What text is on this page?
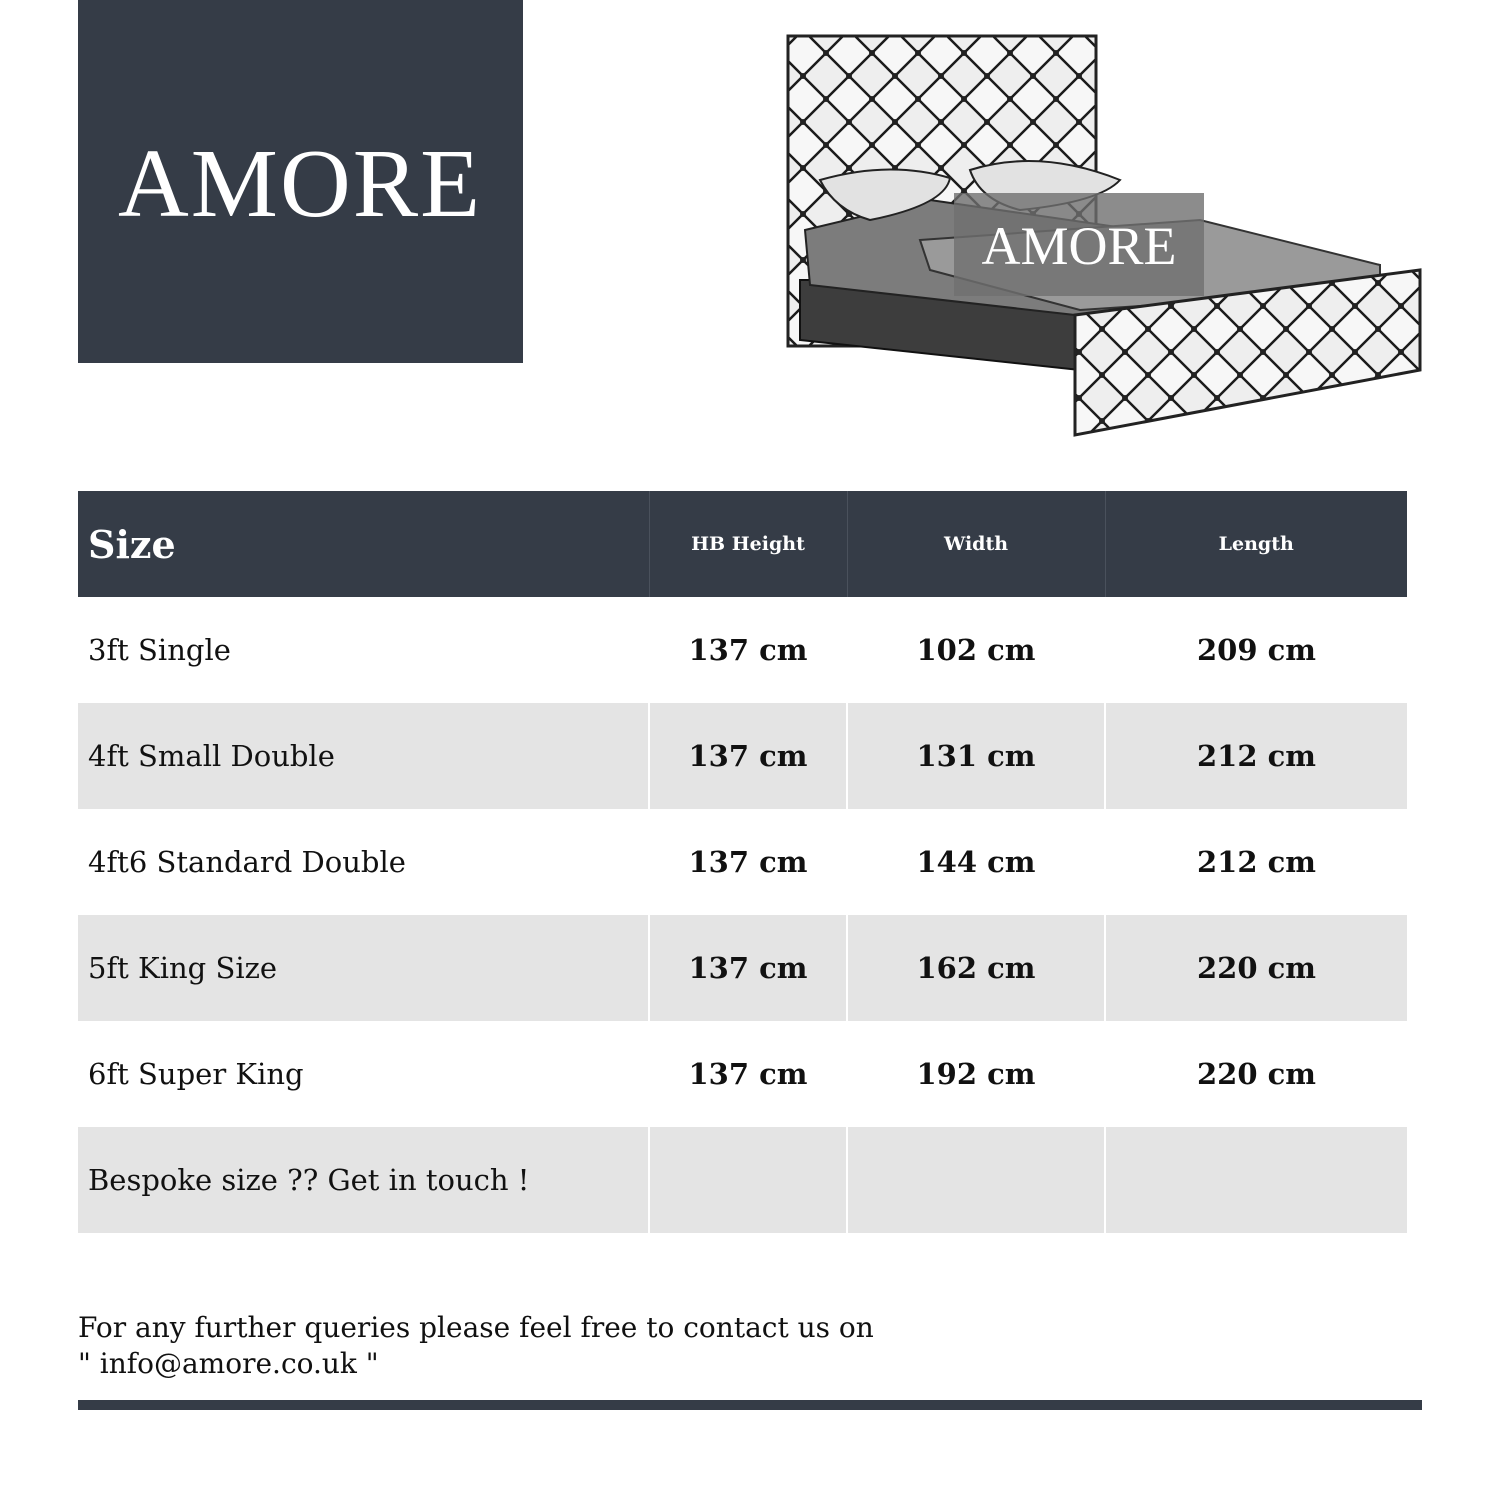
AMORE
AMORE
Size	HB Height	Width	Length
3ft Single	137 cm	102 cm	209 cm
4ft Small Double	137 cm	131 cm	212 cm
4ft6 Standard Double	137 cm	144 cm	212 cm
5ft King Size	137 cm	162 cm	220 cm
6ft Super King	137 cm	192 cm	220 cm
Bespoke size ?? Get in touch !			
For any further queries please feel free to contact us on
" info@amore.co.uk "
